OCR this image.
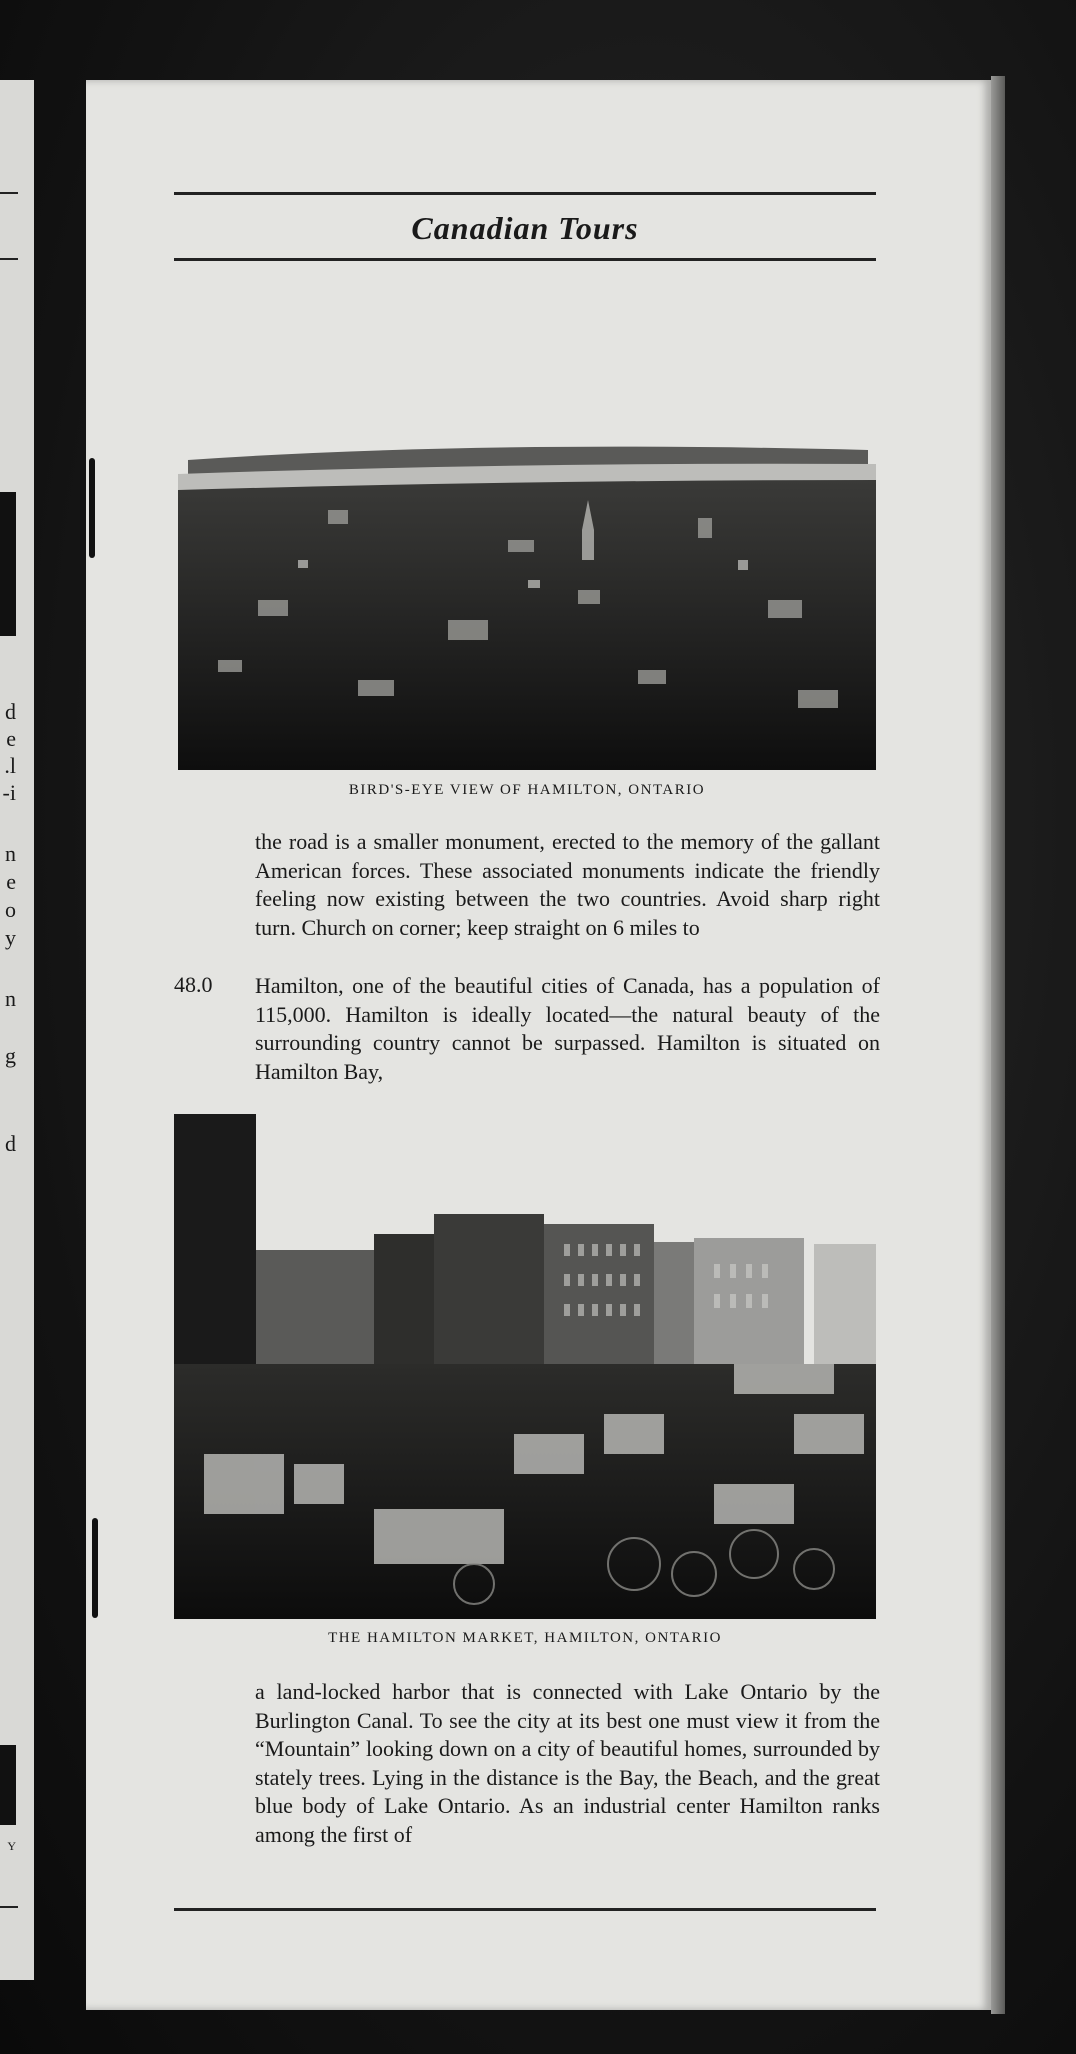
d
e
l.
i-
n
e
o
y
n
g
d
Y
Canadian Tours
BIRD'S-EYE VIEW OF HAMILTON, ONTARIO

the road is a smaller monument, erected to the memory of the gallant American forces. These associated monuments indicate the friendly feeling now existing between the two countries. Avoid sharp right turn. Church on corner; keep straight on 6 miles to

48.0 Hamilton, one of the beautiful cities of Canada, has a population of 115,000. Hamilton is ideally located—the natural beauty of the surrounding country cannot be surpassed. Hamilton is situated on Hamilton Bay,

THE HAMILTON MARKET, HAMILTON, ONTARIO

a land-locked harbor that is connected with Lake Ontario by the Burlington Canal. To see the city at its best one must view it from the “Mountain” looking down on a city of beautiful homes, surrounded by stately trees. Lying in the distance is the Bay, the Beach, and the great blue body of Lake Ontario. As an industrial center Hamilton ranks among the first of
